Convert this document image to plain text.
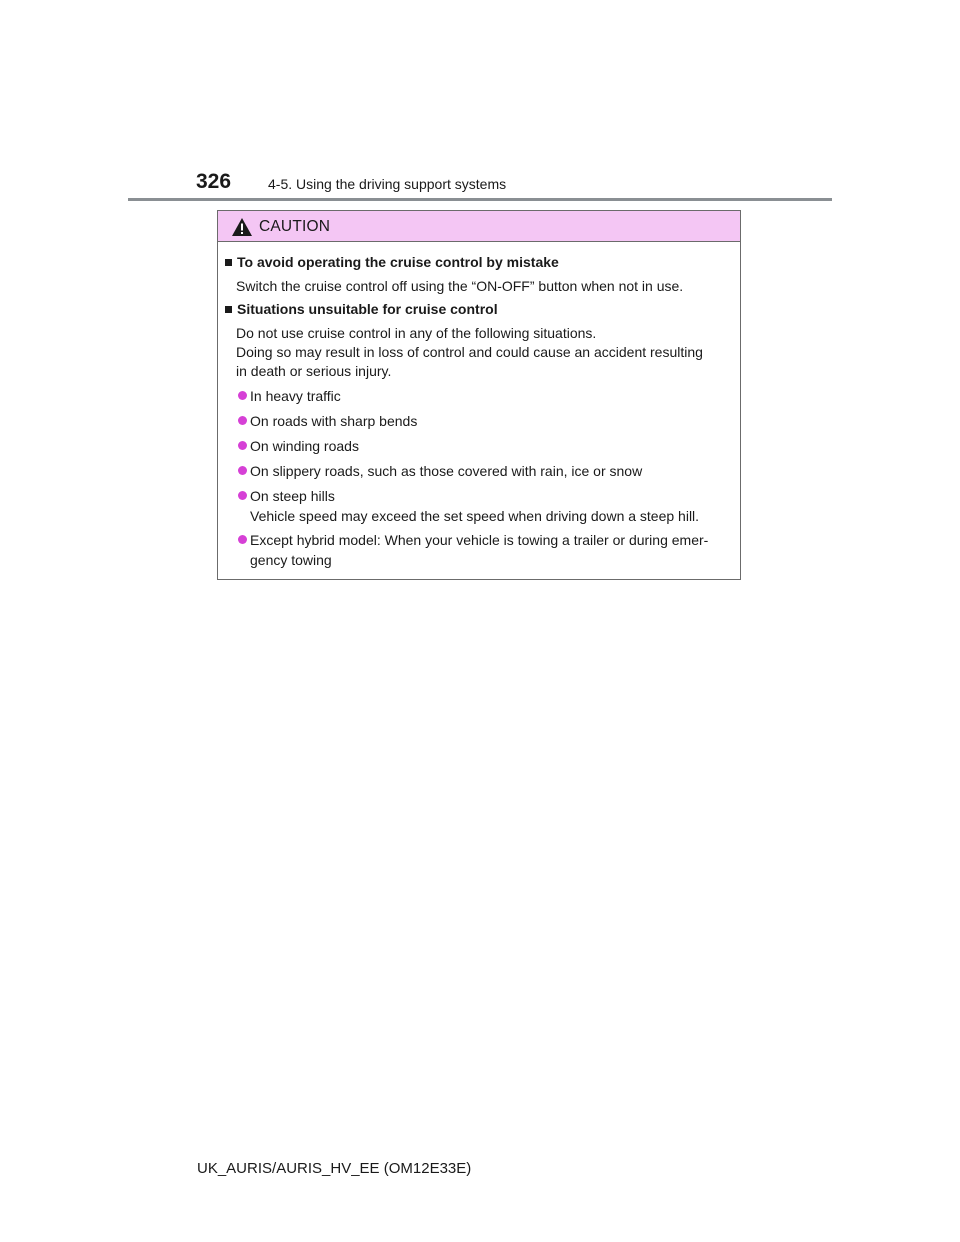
326	4-5. Using the driving support systems
CAUTION
To avoid operating the cruise control by mistake
Switch the cruise control off using the “ON-OFF” button when not in use.
Situations unsuitable for cruise control
Do not use cruise control in any of the following situations.
Doing so may result in loss of control and could cause an accident resulting
in death or serious injury.
In heavy traffic
On roads with sharp bends
On winding roads
On slippery roads, such as those covered with rain, ice or snow
On steep hills
Vehicle speed may exceed the set speed when driving down a steep hill.
Except hybrid model: When your vehicle is towing a trailer or during emer-
gency towing
UK_AURIS/AURIS_HV_EE (OM12E33E)
